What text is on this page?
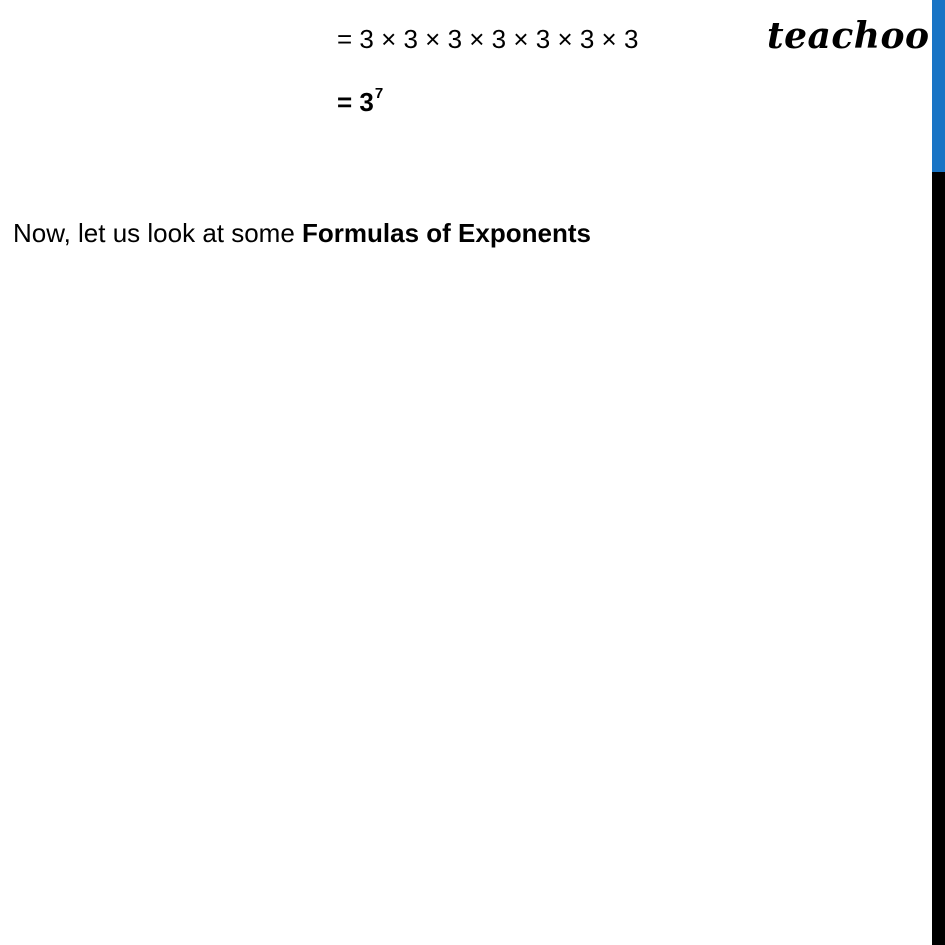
= 3 × 3 × 3 × 3 × 3 × 3 × 3
= $3^7$
Now, let us look at some Formulas of Exponents
teachoo
